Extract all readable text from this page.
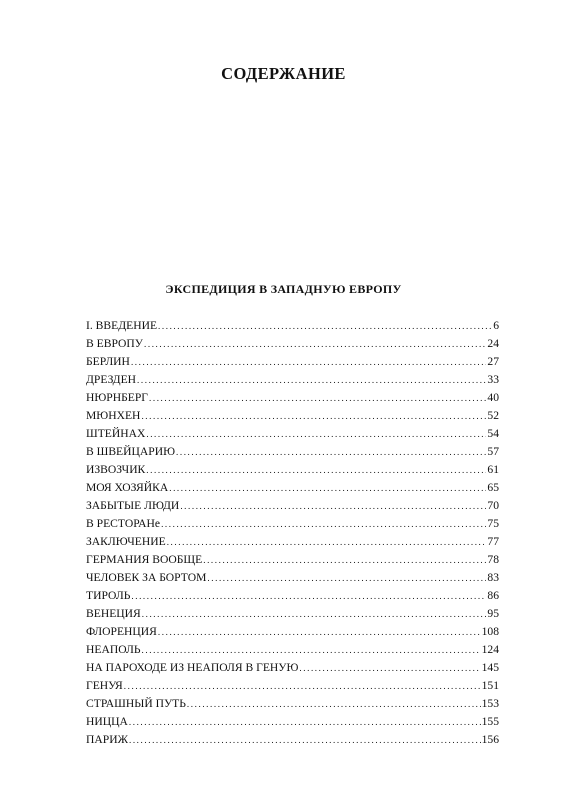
СОДЕРЖАНИЕ
ЭКСПЕДИЦИЯ В ЗАПАДНУЮ ЕВРОПУ
I. ВВЕДЕНИЕ .....	6
В ЕВРОПУ .....	24
БЕРЛИН .....	27
ДРЕЗДЕН .....	33
НЮРНБЕРГ .....	40
МЮНХЕН .....	52
ШТЕЙНАХ .....	54
В ШВЕЙЦАРИЮ .....	57
ИЗВОЗЧИК .....	61
МОЯ ХОЗЯЙКА .....	65
ЗАБЫТЫЕ ЛЮДИ .....	70
В РЕСТОРАНе .....	75
ЗАКЛЮЧЕНИЕ .....	77
ГЕРМАНИЯ ВООБЩЕ .....	78
ЧЕЛОВЕК ЗА БОРТОМ .....	83
ТИРОЛЬ .....	86
ВЕНЕЦИЯ .....	95
ФЛОРЕНЦИЯ .....	108
НЕАПОЛЬ .....	124
НА ПАРОХОДЕ ИЗ НЕАПОЛЯ В ГЕНУЮ .....	145
ГЕНУЯ .....	151
СТРАШНЫЙ ПУТЬ .....	153
НИЦЦА .....	155
ПАРИЖ .....	156
